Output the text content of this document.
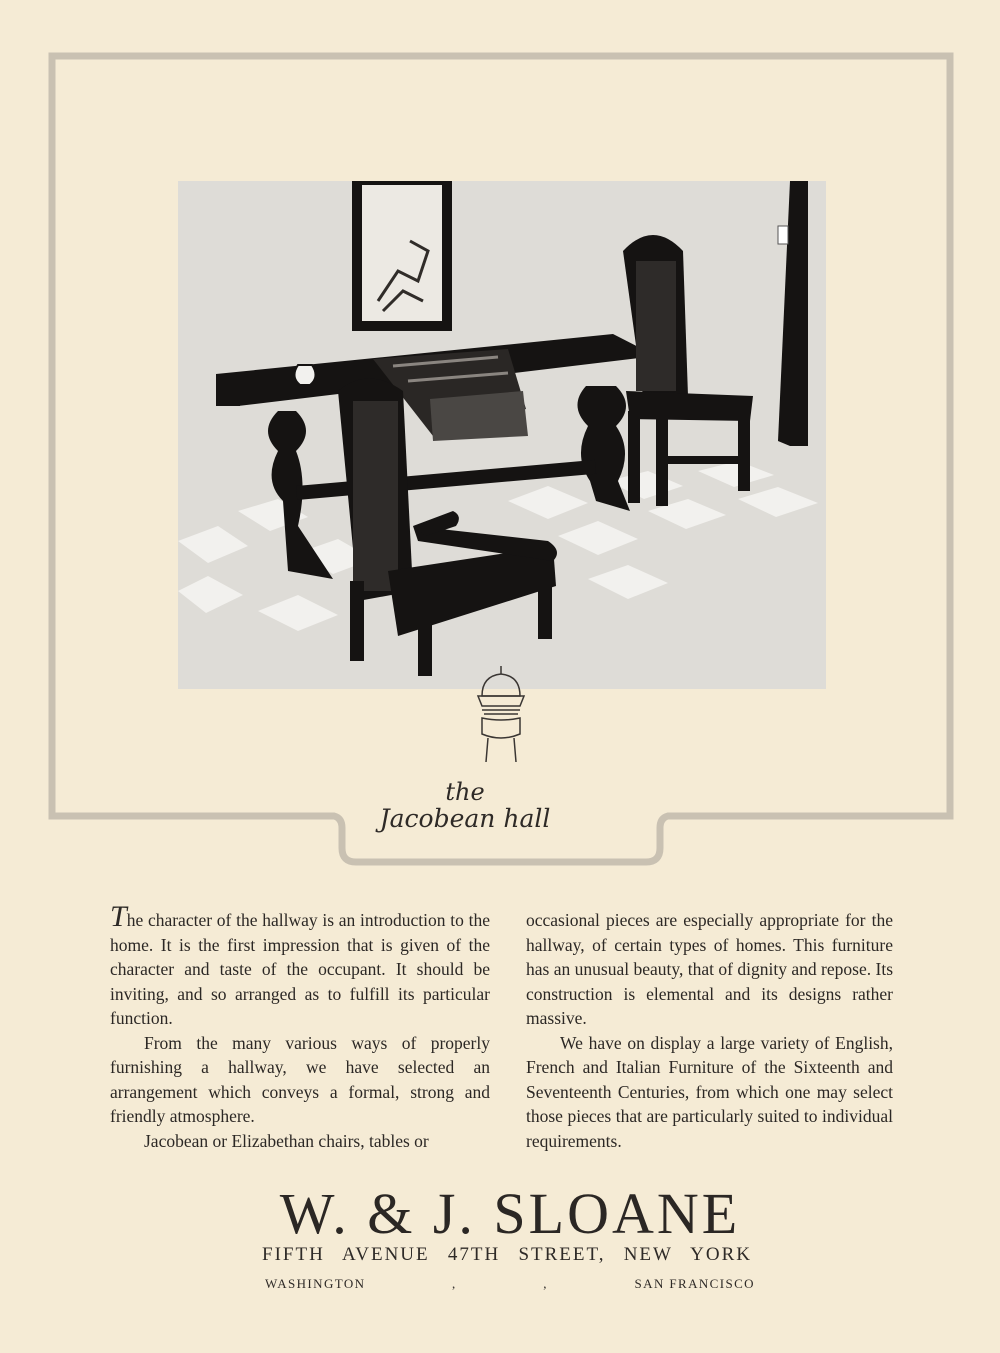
the
Jacobean hall

The character of the hallway is an introduction to the home. It is the first impression that is given of the character and taste of the occupant. It should be inviting, and so arranged as to fulfill its particular function.

From the many various ways of properly furnishing a hallway, we have selected an arrangement which conveys a formal, strong and friendly atmosphere.

Jacobean or Elizabethan chairs, tables or

occasional pieces are especially appropriate for the hallway, of certain types of homes. This furniture has an unusual beauty, that of dignity and repose. Its construction is elemental and its designs rather massive.

We have on display a large variety of English, French and Italian Furniture of the Sixteenth and Seventeenth Centuries, from which one may select those pieces that are particularly suited to individual requirements.

W. & J. SLOANE
FIFTH AVENUE 47TH STREET, NEW YORK
WASHINGTON	,	,	SAN FRANCISCO
